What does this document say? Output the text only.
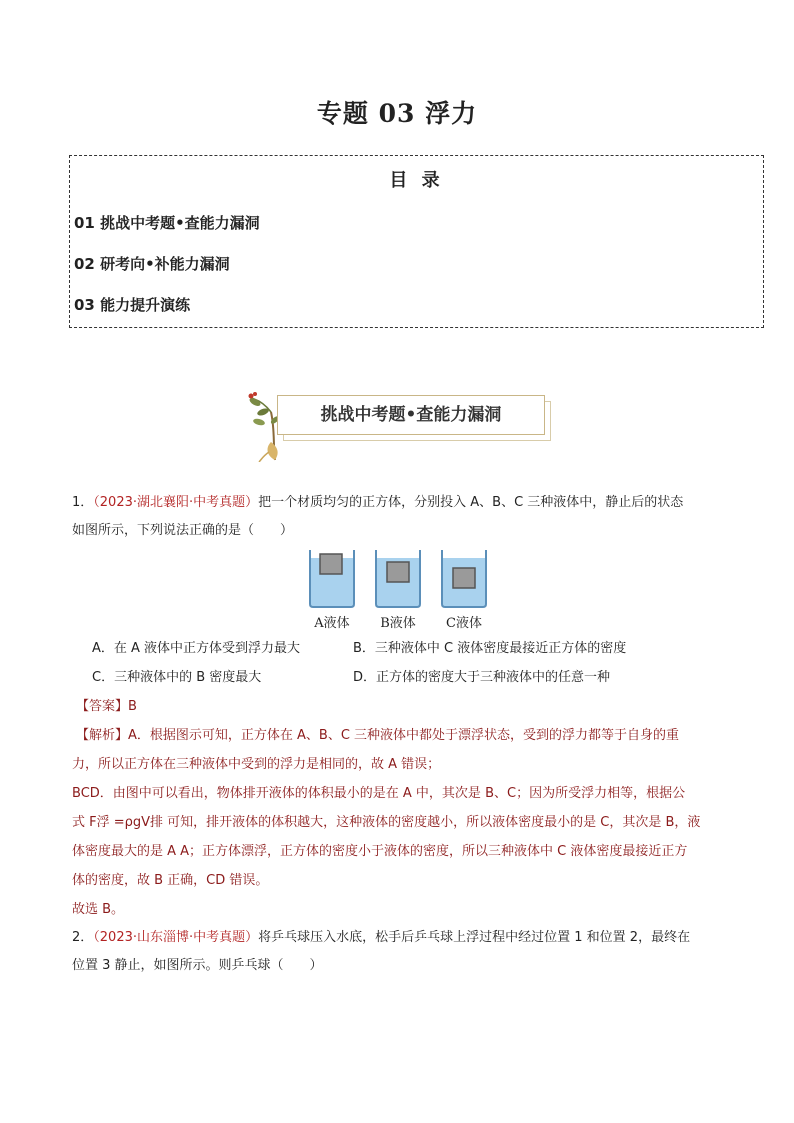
专题 03 浮力
目 录
01 挑战中考题•查能力漏洞
02 研考向•补能力漏洞
03 能力提升演练
挑战中考题•查能力漏洞
1．（2023·湖北襄阳·中考真题）把一个材质均匀的正方体，分别投入 A、B、C 三种液体中，静止后的状态
如图所示，下列说法正确的是（　　）
A液体	B液体	C液体
A．在 A 液体中正方体受到浮力最大	B．三种液体中 C 液体密度最接近正方体的密度
C．三种液体中的 B 密度最大	D．正方体的密度大于三种液体中的任意一种
【答案】B
【解析】A．根据图示可知，正方体在 A、B、C 三种液体中都处于漂浮状态，受到的浮力都等于自身的重
力，所以正方体在三种液体中受到的浮力是相同的，故 A 错误；
BCD．由图中可以看出，物体排开液体的体积最小的是在 A 中，其次是 B、C；因为所受浮力相等，根据公
式 F浮 =ρgV排 可知，排开液体的体积越大，这种液体的密度越小，所以液体密度最小的是 C，其次是 B，液
体密度最大的是 A A；正方体漂浮，正方体的密度小于液体的密度，所以三种液体中 C 液体密度最接近正方
体的密度，故 B 正确，CD 错误。
故选 B。
2．（2023·山东淄博·中考真题）将乒乓球压入水底，松手后乒乓球上浮过程中经过位置 1 和位置 2，最终在
位置 3 静止，如图所示。则乒乓球（　　）
